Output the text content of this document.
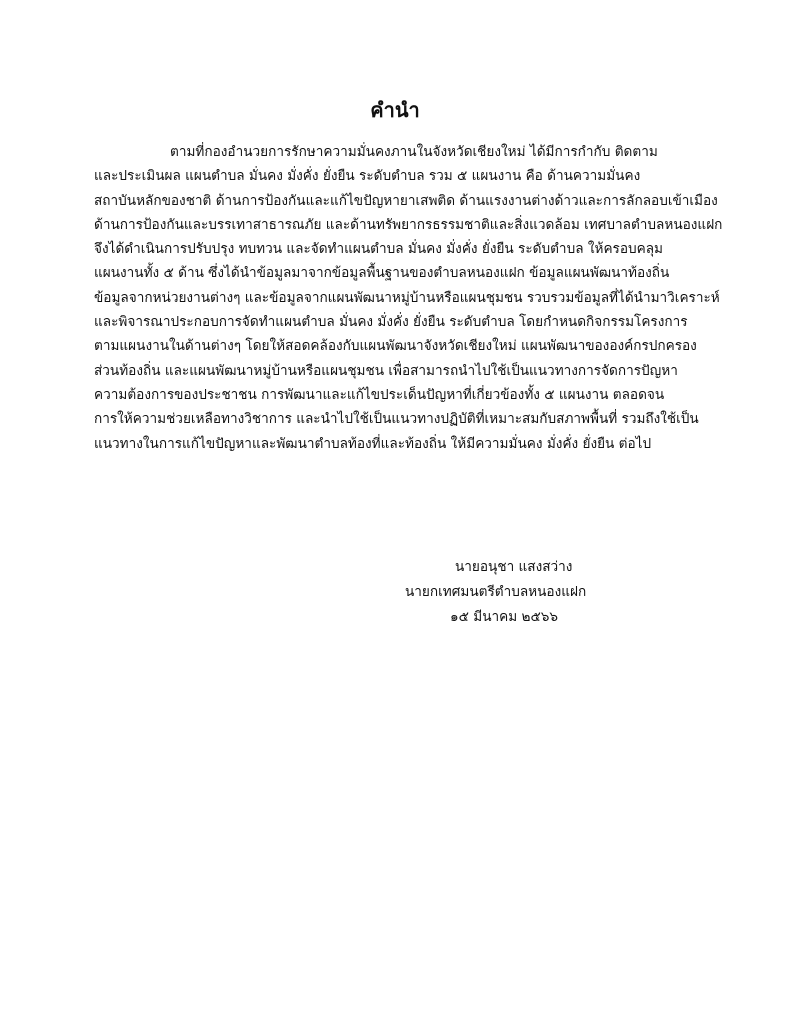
คำนำ
ตามที่กองอำนวยการรักษาความมั่นคงภานในจังหวัดเชียงใหม่ ได้มีการกำกับ ติดตาม
และประเมินผล แผนตำบล มั่นคง มั่งคั่ง ยั่งยืน ระดับตำบล รวม ๕ แผนงาน คือ ด้านความมั่นคง
สถาบันหลักของชาติ ด้านการป้องกันและแก้ไขปัญหายาเสพติด ด้านแรงงานต่างด้าวและการลักลอบเข้าเมือง
ด้านการป้องกันและบรรเทาสาธารณภัย และด้านทรัพยากรธรรมชาติและสิ่งแวดล้อม เทศบาลตำบลหนองแฝก
จึงได้ดำเนินการปรับปรุง ทบทวน และจัดทำแผนตำบล มั่นคง มั่งคั่ง ยั่งยืน ระดับตำบล ให้ครอบคลุม
แผนงานทั้ง ๕ ด้าน ซึ่งได้นำข้อมูลมาจากข้อมูลพื้นฐานของตำบลหนองแฝก ข้อมูลแผนพัฒนาท้องถิ่น
ข้อมูลจากหน่วยงานต่างๆ และข้อมูลจากแผนพัฒนาหมู่บ้านหรือแผนชุมชน รวบรวมข้อมูลที่ได้นำมาวิเคราะห์
และพิจารณาประกอบการจัดทำแผนตำบล มั่นคง มั่งคั่ง ยั่งยืน ระดับตำบล โดยกำหนดกิจกรรมโครงการ
ตามแผนงานในด้านต่างๆ โดยให้สอดคล้องกับแผนพัฒนาจังหวัดเชียงใหม่ แผนพัฒนาขององค์กรปกครอง
ส่วนท้องถิ่น และแผนพัฒนาหมู่บ้านหรือแผนชุมชน เพื่อสามารถนำไปใช้เป็นแนวทางการจัดการปัญหา
ความต้องการของประชาชน การพัฒนาและแก้ไขประเด็นปัญหาที่เกี่ยวข้องทั้ง ๕ แผนงาน ตลอดจน
การให้ความช่วยเหลือทางวิชาการ และนำไปใช้เป็นแนวทางปฏิบัติที่เหมาะสมกับสภาพพื้นที่ รวมถึงใช้เป็น
แนวทางในการแก้ไขปัญหาและพัฒนาตำบลท้องที่และท้องถิ่น ให้มีความมั่นคง มั่งคั่ง ยั่งยืน ต่อไป
นายอนุชา แสงสว่าง
นายกเทศมนตรีตำบลหนองแฝก
๑๕ มีนาคม ๒๕๖๖
